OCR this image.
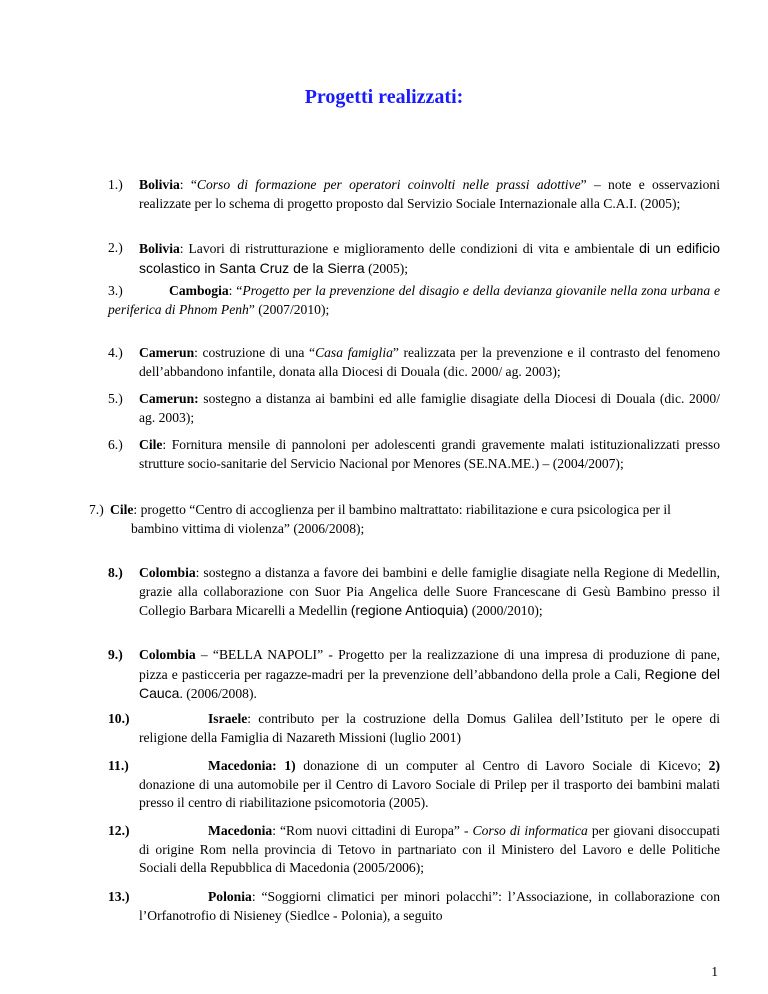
Progetti realizzati:
1.) Bolivia: “Corso di formazione per operatori coinvolti nelle prassi adottive” – note e osservazioni realizzate per lo schema di progetto proposto dal Servizio Sociale Internazionale alla C.A.I. (2005);
2.) Bolivia: Lavori di ristrutturazione e miglioramento delle condizioni di vita e ambientale di un edificio scolastico in Santa Cruz de la Sierra (2005);
3.)	Cambogia: “Progetto per la prevenzione del disagio e della devianza giovanile nella zona urbana e periferica di Phnom Penh” (2007/2010);
4.) Camerun: costruzione di una “Casa famiglia” realizzata per la prevenzione e il contrasto del fenomeno dell’abbandono infantile, donata alla Diocesi di Douala (dic. 2000/ ag. 2003);
5.) Camerun: sostegno a distanza ai bambini ed alle famiglie disagiate della Diocesi di Douala (dic. 2000/ ag. 2003);
6.) Cile: Fornitura mensile di pannoloni per adolescenti grandi gravemente malati istituzionalizzati presso strutture socio-sanitarie del Servicio Nacional por Menores (SE.NA.ME.) – (2004/2007);
7.) Cile: progetto “Centro di accoglienza per il bambino maltrattato: riabilitazione e cura psicologica per il bambino vittima di violenza” (2006/2008);
8.) Colombia: sostegno a distanza a favore dei bambini e delle famiglie disagiate nella Regione di Medellin, grazie alla collaborazione con Suor Pia Angelica delle Suore Francescane di Gesù Bambino presso il Collegio Barbara Micarelli a Medellin (regione Antioquia) (2000/2010);
9.) Colombia – “BELLA NAPOLI” - Progetto per la realizzazione di una impresa di produzione di pane, pizza e pasticceria per ragazze-madri per la prevenzione dell’abbandono della prole a Cali, Regione del Cauca. (2006/2008).
10.)	Israele: contributo per la costruzione della Domus Galilea dell’Istituto per le opere di religione della Famiglia di Nazareth Missioni (luglio 2001)
11.)	Macedonia: 1) donazione di un computer al Centro di Lavoro Sociale di Kicevo; 2) donazione di una automobile per il Centro di Lavoro Sociale di Prilep per il trasporto dei bambini malati presso il centro di riabilitazione psicomotoria (2005).
12.)	Macedonia: “Rom nuovi cittadini di Europa” - Corso di informatica per giovani disoccupati di origine Rom nella provincia di Tetovo in partnariato con il Ministero del Lavoro e delle Politiche Sociali della Repubblica di Macedonia (2005/2006);
13.)	Polonia: “Soggiorni climatici per minori polacchi”: l’Associazione, in collaborazione con l’Orfanotrofio di Nisieney (Siedlce - Polonia), a seguito
1
